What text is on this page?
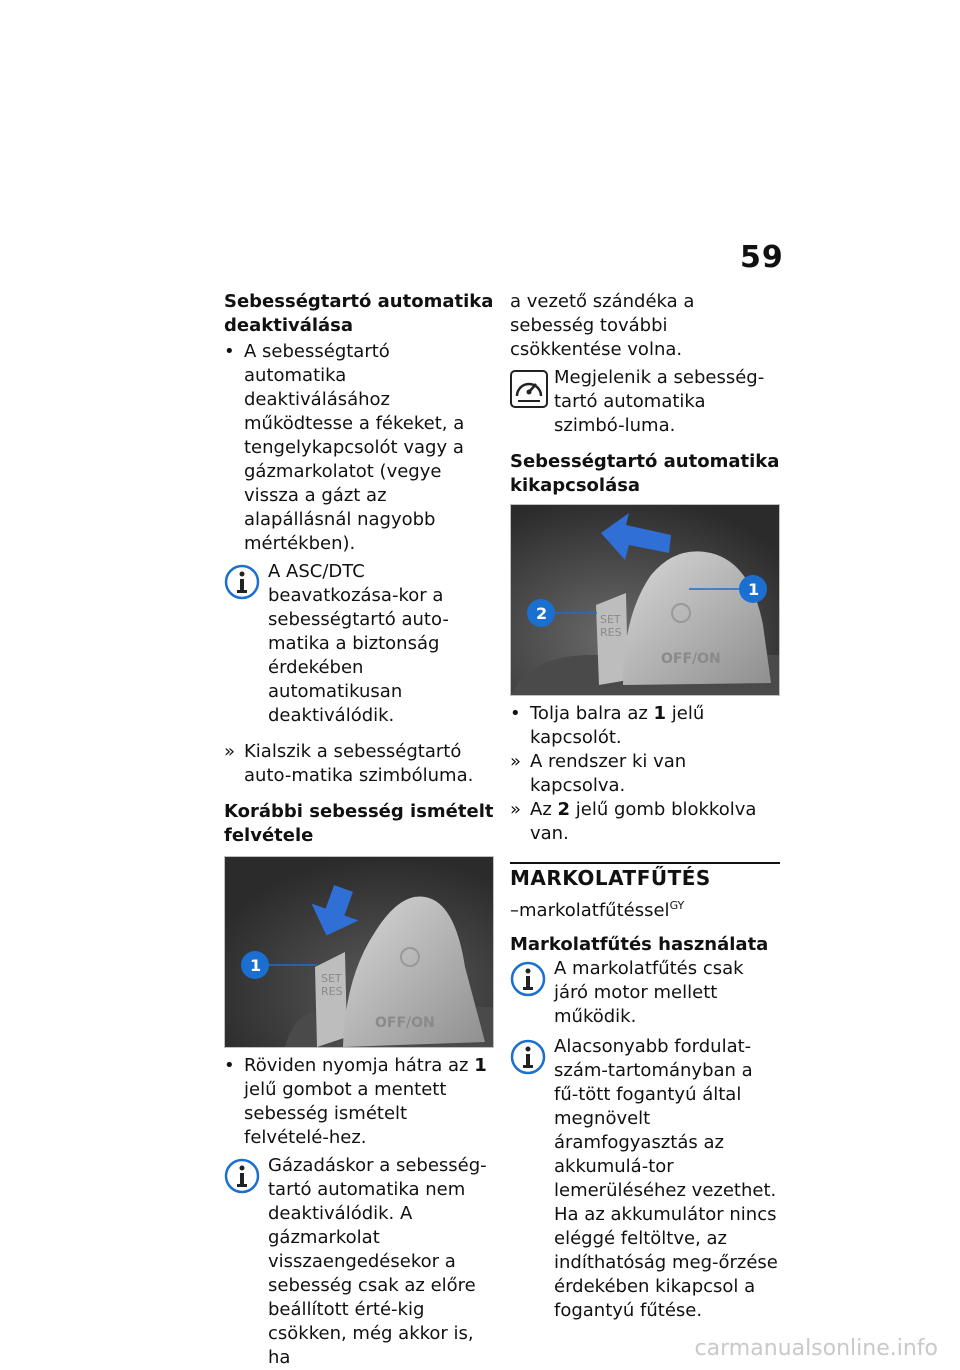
59
Sebességtartó automatika deaktiválása
• A sebességtartó automatika deaktiválásához működtesse a fékeket, a tengelykapcsolót vagy a gázmarkolatot (vegye vissza a gázt az alapállásnál nagyobb mértékben).
A ASC/DTC beavatkozása-kor a sebességtartó auto-matika a biztonság érdekében automatikusan deaktiválódik.
» Kialszik a sebességtartó auto-matika szimbóluma.
Korábbi sebesség ismételt felvétele
SET
RES
OFF/ON
1
• Röviden nyomja hátra az 1 jelű gombot a mentett sebesség ismételt felvételé-hez.
Gázadáskor a sebesség-tartó automatika nem deaktiválódik. A gázmarkolat visszaengedésekor a sebesség csak az előre beállított érté-kig csökken, még akkor is, ha

a vezető szándéka a sebesség további csökkentése volna.

Megjelenik a sebesség-tartó automatika szimbó-luma.
Sebességtartó automatika kikapcsolása
SET
RES
OFF/ON
1
2
• Tolja balra az 1 jelű kapcsolót.
» A rendszer ki van kapcsolva.
» Az 2 jelű gomb blokkolva van.
MARKOLATFŰTÉS
–markolatfűtéssel$^{GY}$
Markolatfűtés használata
A markolatfűtés csak járó motor mellett működik.
Alacsonyabb fordulat-szám-tartományban a fű-tött fogantyú által megnövelt áramfogyasztás az akkumulá-tor lemerüléséhez vezethet. Ha az akkumulátor nincs eléggé feltöltve, az indíthatóság meg-őrzése érdekében kikapcsol a fogantyú fűtése.
carmanualsonline.info
